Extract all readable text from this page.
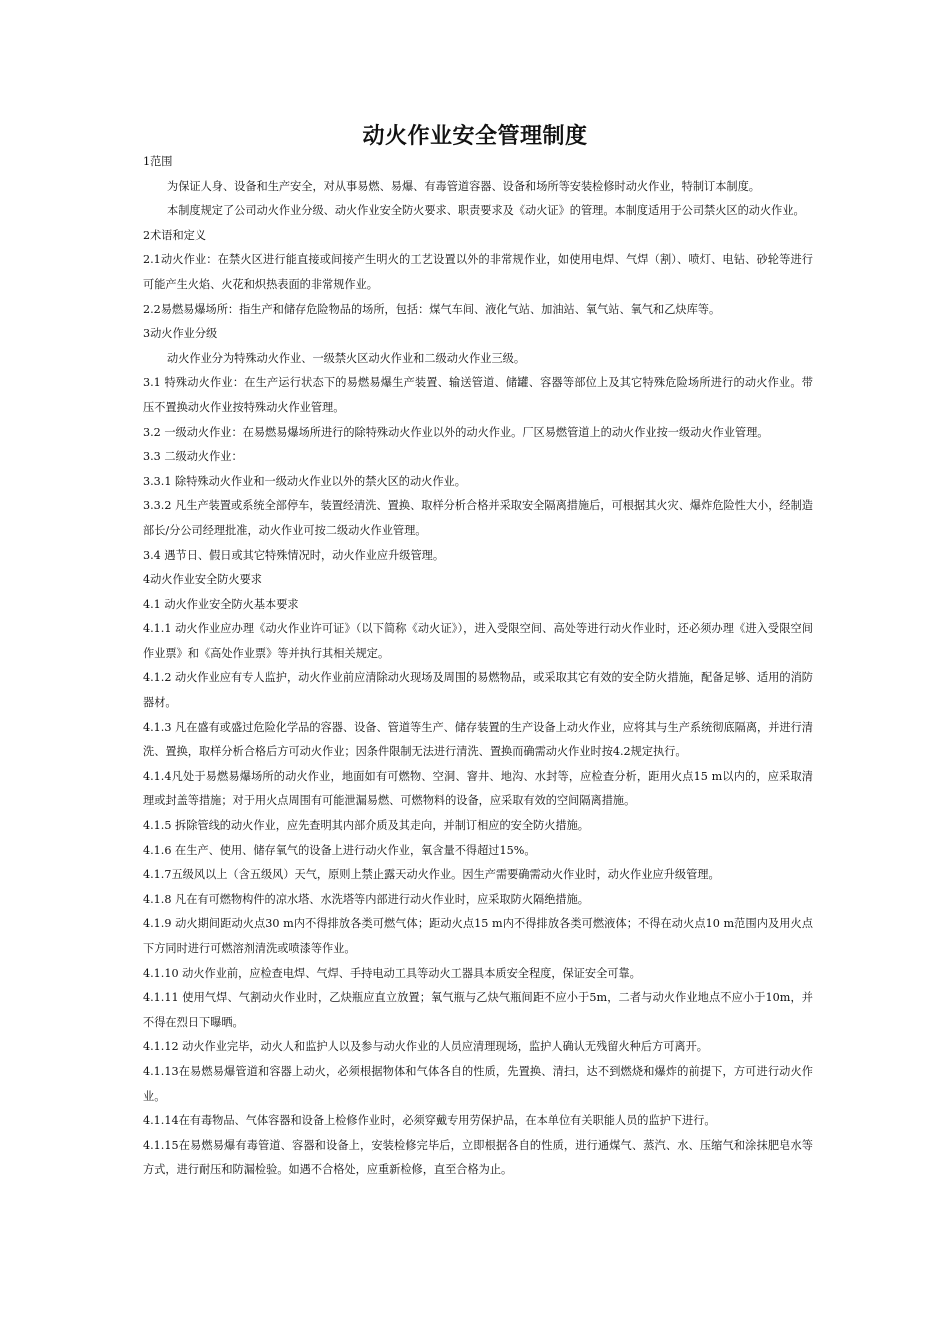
动火作业安全管理制度

1范围

为保证人身、设备和生产安全，对从事易燃、易爆、有毒管道容器、设备和场所等安装检修时动火作业，特制订本制度。

本制度规定了公司动火作业分级、动火作业安全防火要求、职责要求及《动火证》的管理。本制度适用于公司禁火区的动火作业。

2术语和定义

2.1动火作业：在禁火区进行能直接或间接产生明火的工艺设置以外的非常规作业，如使用电焊、气焊（割）、喷灯、电钻、砂轮等进行可能产生火焰、火花和炽热表面的非常规作业。

2.2易燃易爆场所：指生产和储存危险物品的场所，包括：煤气车间、液化气站、加油站、氧气站、氧气和乙炔库等。

3动火作业分级

动火作业分为特殊动火作业、一级禁火区动火作业和二级动火作业三级。

3.1 特殊动火作业：在生产运行状态下的易燃易爆生产装置、输送管道、储罐、容器等部位上及其它特殊危险场所进行的动火作业。带压不置换动火作业按特殊动火作业管理。

3.2 一级动火作业：在易燃易爆场所进行的除特殊动火作业以外的动火作业。厂区易燃管道上的动火作业按一级动火作业管理。

3.3 二级动火作业：

3.3.1 除特殊动火作业和一级动火作业以外的禁火区的动火作业。

3.3.2 凡生产装置或系统全部停车，装置经清洗、置换、取样分析合格并采取安全隔离措施后，可根据其火灾、爆炸危险性大小，经制造部长/分公司经理批准，动火作业可按二级动火作业管理。

3.4 遇节日、假日或其它特殊情况时，动火作业应升级管理。

4动火作业安全防火要求

4.1 动火作业安全防火基本要求

4.1.1 动火作业应办理《动火作业许可证》（以下简称《动火证》），进入受限空间、高处等进行动火作业时，还必须办理《进入受限空间作业票》和《高处作业票》等并执行其相关规定。

4.1.2 动火作业应有专人监护，动火作业前应清除动火现场及周围的易燃物品，或采取其它有效的安全防火措施，配备足够、适用的消防器材。

4.1.3 凡在盛有或盛过危险化学品的容器、设备、管道等生产、储存装置的生产设备上动火作业，应将其与生产系统彻底隔离，并进行清洗、置换，取样分析合格后方可动火作业；因条件限制无法进行清洗、置换而确需动火作业时按4.2规定执行。

4.1.4凡处于易燃易爆场所的动火作业，地面如有可燃物、空洞、窨井、地沟、水封等，应检查分析，距用火点15 m以内的，应采取清理或封盖等措施；对于用火点周围有可能泄漏易燃、可燃物料的设备，应采取有效的空间隔离措施。

4.1.5 拆除管线的动火作业，应先查明其内部介质及其走向，并制订相应的安全防火措施。

4.1.6 在生产、使用、储存氧气的设备上进行动火作业，氧含量不得超过15%。

4.1.7五级风以上（含五级风）天气，原则上禁止露天动火作业。因生产需要确需动火作业时，动火作业应升级管理。

4.1.8 凡在有可燃物构件的凉水塔、水洗塔等内部进行动火作业时，应采取防火隔绝措施。

4.1.9 动火期间距动火点30 m内不得排放各类可燃气体；距动火点15 m内不得排放各类可燃液体；不得在动火点10 m范围内及用火点下方同时进行可燃溶剂清洗或喷漆等作业。

4.1.10 动火作业前，应检查电焊、气焊、手持电动工具等动火工器具本质安全程度，保证安全可靠。

4.1.11 使用气焊、气割动火作业时，乙炔瓶应直立放置；氧气瓶与乙炔气瓶间距不应小于5m，二者与动火作业地点不应小于10m，并不得在烈日下曝晒。

4.1.12 动火作业完毕，动火人和监护人以及参与动火作业的人员应清理现场，监护人确认无残留火种后方可离开。

4.1.13在易燃易爆管道和容器上动火，必须根据物体和气体各自的性质，先置换、清扫，达不到燃烧和爆炸的前提下，方可进行动火作业。

4.1.14在有毒物品、气体容器和设备上检修作业时，必须穿戴专用劳保护品，在本单位有关职能人员的监护下进行。

4.1.15在易燃易爆有毒管道、容器和设备上，安装检修完毕后，立即根据各自的性质，进行通煤气、蒸汽、水、压缩气和涂抹肥皂水等方式，进行耐压和防漏检验。如遇不合格处，应重新检修，直至合格为止。
